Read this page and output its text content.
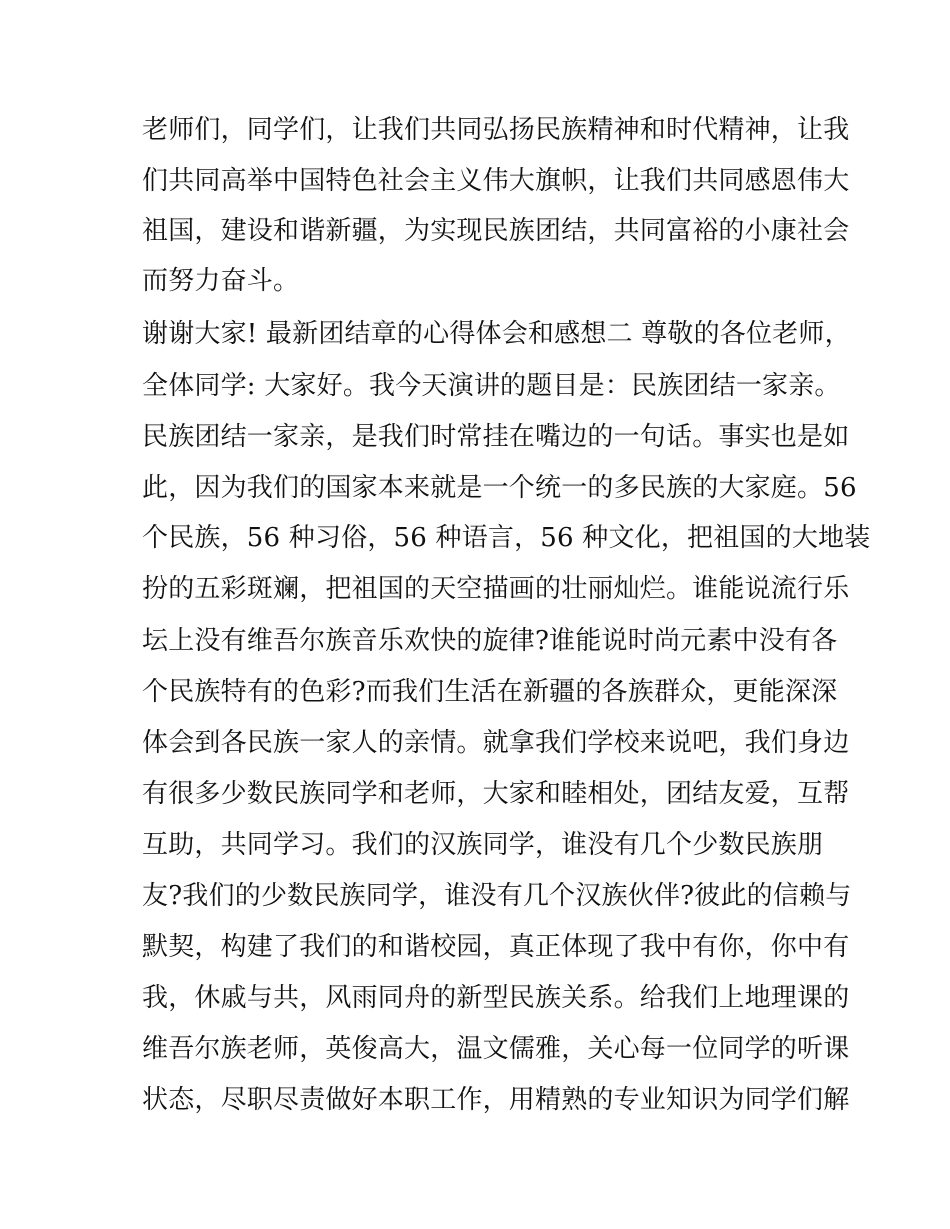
老师们，同学们，让我们共同弘扬民族精神和时代精神，让我
们共同高举中国特色社会主义伟大旗帜，让我们共同感恩伟大
祖国，建设和谐新疆，为实现民族团结，共同富裕的小康社会
而努力奋斗。
谢谢大家! 最新团结章的心得体会和感想二 尊敬的各位老师，
全体同学: 大家好。我今天演讲的题目是：民族团结一家亲。
民族团结一家亲，是我们时常挂在嘴边的一句话。事实也是如
此，因为我们的国家本来就是一个统一的多民族的大家庭。56
个民族，56 种习俗，56 种语言，56 种文化，把祖国的大地装
扮的五彩斑斓，把祖国的天空描画的壮丽灿烂。谁能说流行乐
坛上没有维吾尔族音乐欢快的旋律?谁能说时尚元素中没有各
个民族特有的色彩?而我们生活在新疆的各族群众，更能深深
体会到各民族一家人的亲情。就拿我们学校来说吧，我们身边
有很多少数民族同学和老师，大家和睦相处，团结友爱，互帮
互助，共同学习。我们的汉族同学，谁没有几个少数民族朋
友?我们的少数民族同学，谁没有几个汉族伙伴?彼此的信赖与
默契，构建了我们的和谐校园，真正体现了我中有你，你中有
我，休戚与共，风雨同舟的新型民族关系。给我们上地理课的
维吾尔族老师，英俊高大，温文儒雅，关心每一位同学的听课
状态，尽职尽责做好本职工作，用精熟的专业知识为同学们解
